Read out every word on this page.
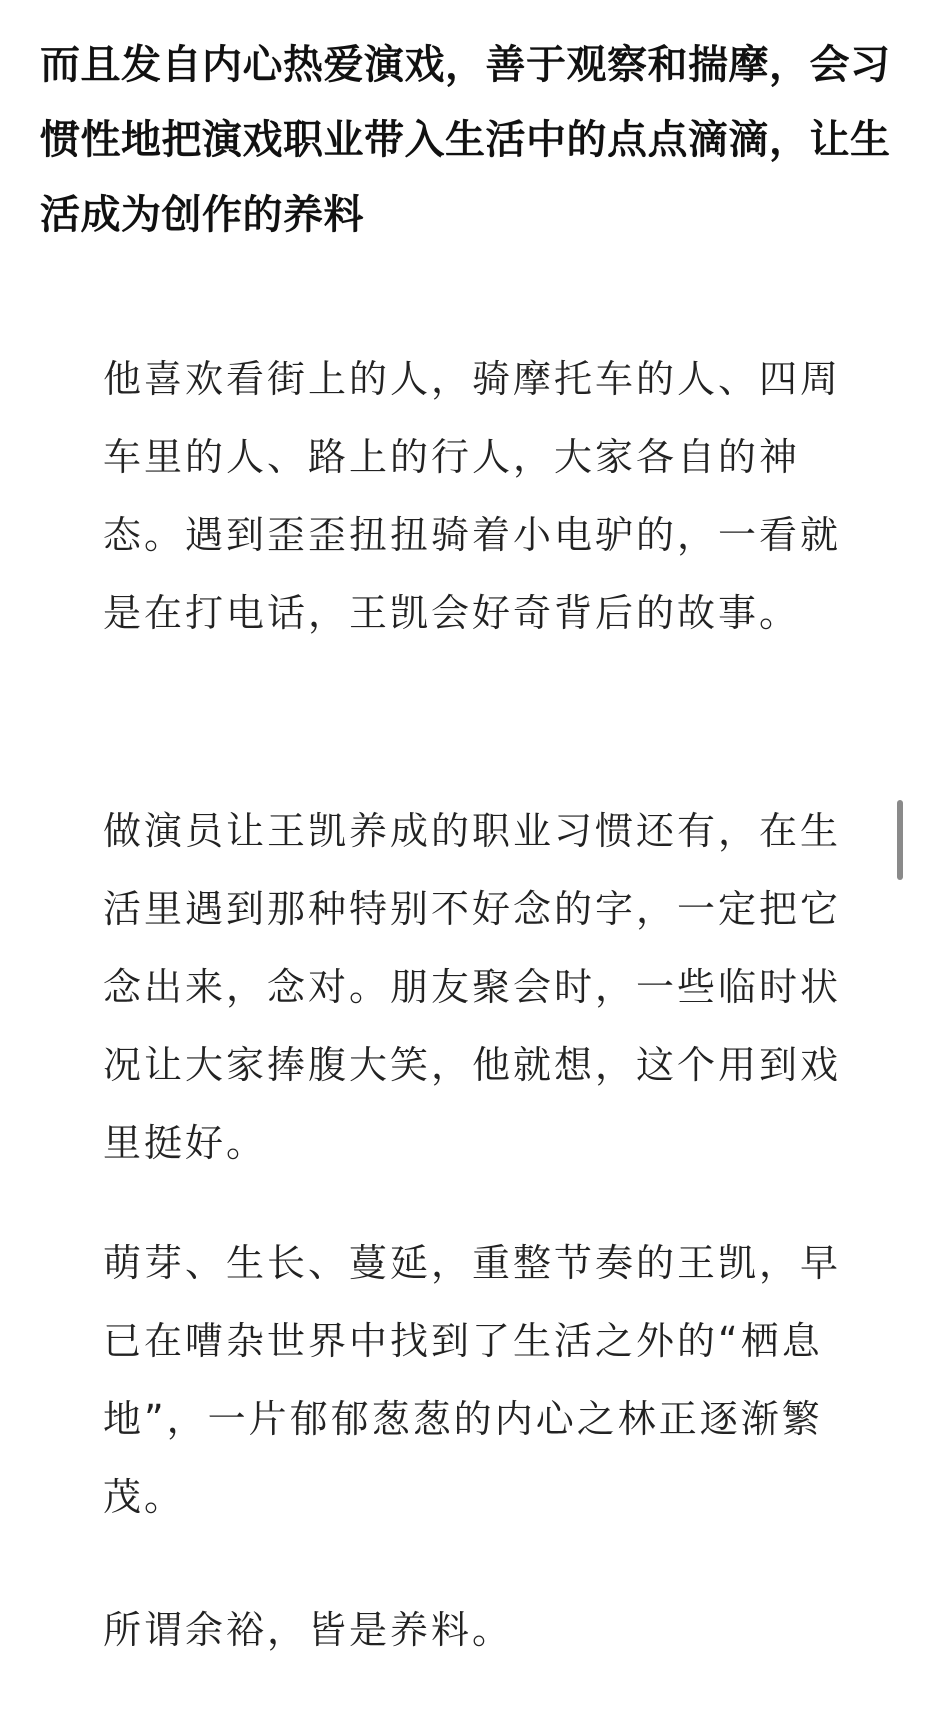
而且发自内心热爱演戏，善于观察和揣摩，会习惯性地把演戏职业带入生活中的点点滴滴，让生活成为创作的养料

他喜欢看街上的人，骑摩托车的人、四周车里的人、路上的行人，大家各自的神态。遇到歪歪扭扭骑着小电驴的，一看就是在打电话，王凯会好奇背后的故事。

做演员让王凯养成的职业习惯还有，在生活里遇到那种特别不好念的字，一定把它念出来，念对。朋友聚会时，一些临时状况让大家捧腹大笑，他就想，这个用到戏里挺好。

萌芽、生长、蔓延，重整节奏的王凯，早已在嘈杂世界中找到了生活之外的“栖息地”，一片郁郁葱葱的内心之林正逐渐繁茂。

所谓余裕，皆是养料。
